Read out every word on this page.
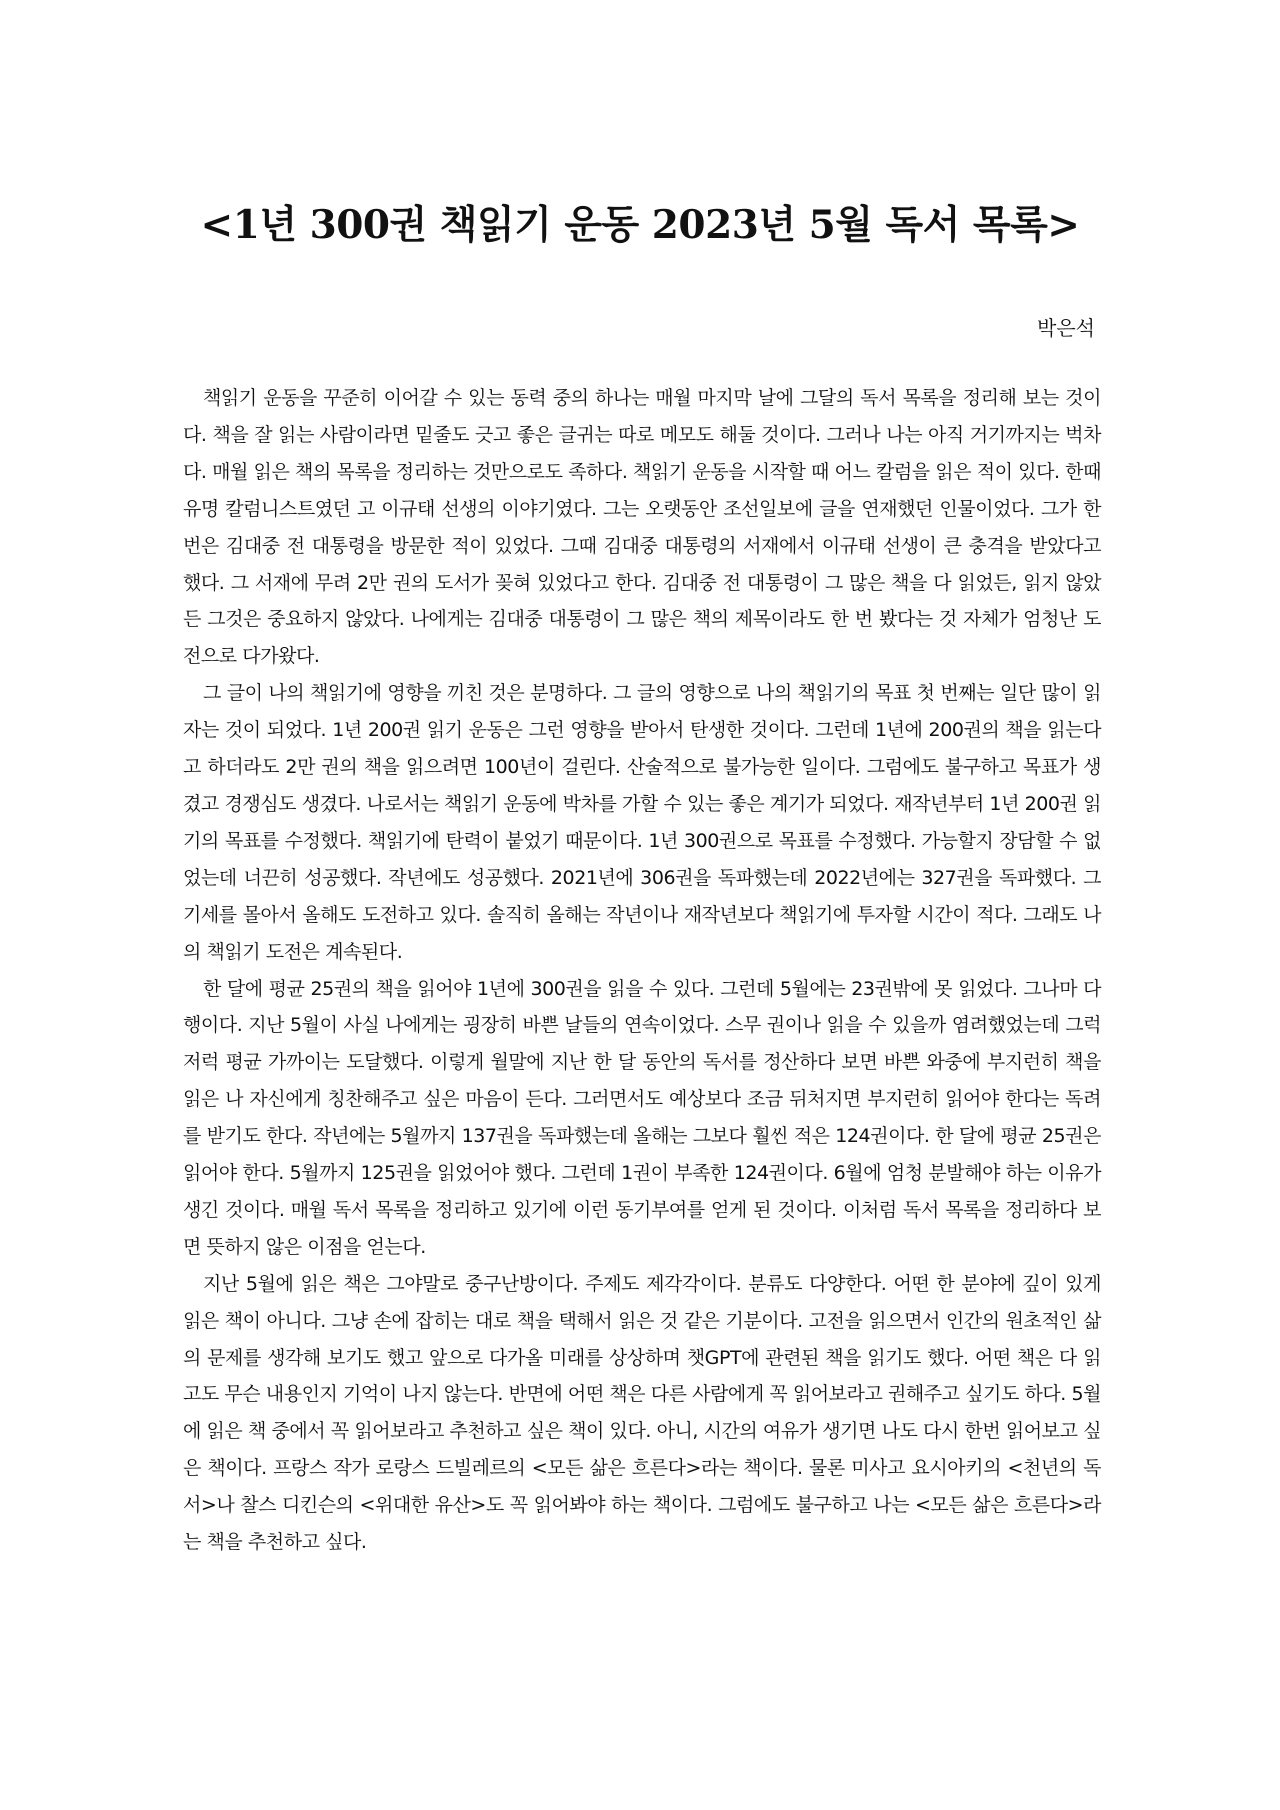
<1년 300권 책읽기 운동 2023년 5월 독서 목록>
박은석

책읽기 운동을 꾸준히 이어갈 수 있는 동력 중의 하나는 매월 마지막 날에 그달의 독서 목록을 정리해 보는 것이다. 책을 잘 읽는 사람이라면 밑줄도 긋고 좋은 글귀는 따로 메모도 해둘 것이다. 그러나 나는 아직 거기까지는 벅차다. 매월 읽은 책의 목록을 정리하는 것만으로도 족하다. 책읽기 운동을 시작할 때 어느 칼럼을 읽은 적이 있다. 한때 유명 칼럼니스트였던 고 이규태 선생의 이야기였다. 그는 오랫동안 조선일보에 글을 연재했던 인물이었다. 그가 한 번은 김대중 전 대통령을 방문한 적이 있었다. 그때 김대중 대통령의 서재에서 이규태 선생이 큰 충격을 받았다고 했다. 그 서재에 무려 2만 권의 도서가 꽂혀 있었다고 한다. 김대중 전 대통령이 그 많은 책을 다 읽었든, 읽지 않았든 그것은 중요하지 않았다. 나에게는 김대중 대통령이 그 많은 책의 제목이라도 한 번 봤다는 것 자체가 엄청난 도전으로 다가왔다.

그 글이 나의 책읽기에 영향을 끼친 것은 분명하다. 그 글의 영향으로 나의 책읽기의 목표 첫 번째는 일단 많이 읽자는 것이 되었다. 1년 200권 읽기 운동은 그런 영향을 받아서 탄생한 것이다. 그런데 1년에 200권의 책을 읽는다고 하더라도 2만 권의 책을 읽으려면 100년이 걸린다. 산술적으로 불가능한 일이다. 그럼에도 불구하고 목표가 생겼고 경쟁심도 생겼다. 나로서는 책읽기 운동에 박차를 가할 수 있는 좋은 계기가 되었다. 재작년부터 1년 200권 읽기의 목표를 수정했다. 책읽기에 탄력이 붙었기 때문이다. 1년 300권으로 목표를 수정했다. 가능할지 장담할 수 없었는데 너끈히 성공했다. 작년에도 성공했다. 2021년에 306권을 독파했는데 2022년에는 327권을 독파했다. 그 기세를 몰아서 올해도 도전하고 있다. 솔직히 올해는 작년이나 재작년보다 책읽기에 투자할 시간이 적다. 그래도 나의 책읽기 도전은 계속된다.

한 달에 평균 25권의 책을 읽어야 1년에 300권을 읽을 수 있다. 그런데 5월에는 23권밖에 못 읽었다. 그나마 다행이다. 지난 5월이 사실 나에게는 굉장히 바쁜 날들의 연속이었다. 스무 권이나 읽을 수 있을까 염려했었는데 그럭저럭 평균 가까이는 도달했다. 이렇게 월말에 지난 한 달 동안의 독서를 정산하다 보면 바쁜 와중에 부지런히 책을 읽은 나 자신에게 칭찬해주고 싶은 마음이 든다. 그러면서도 예상보다 조금 뒤처지면 부지런히 읽어야 한다는 독려를 받기도 한다. 작년에는 5월까지 137권을 독파했는데 올해는 그보다 훨씬 적은 124권이다. 한 달에 평균 25권은 읽어야 한다. 5월까지 125권을 읽었어야 했다. 그런데 1권이 부족한 124권이다. 6월에 엄청 분발해야 하는 이유가 생긴 것이다. 매월 독서 목록을 정리하고 있기에 이런 동기부여를 얻게 된 것이다. 이처럼 독서 목록을 정리하다 보면 뜻하지 않은 이점을 얻는다.

지난 5월에 읽은 책은 그야말로 중구난방이다. 주제도 제각각이다. 분류도 다양한다. 어떤 한 분야에 깊이 있게 읽은 책이 아니다. 그냥 손에 잡히는 대로 책을 택해서 읽은 것 같은 기분이다. 고전을 읽으면서 인간의 원초적인 삶의 문제를 생각해 보기도 했고 앞으로 다가올 미래를 상상하며 챗GPT에 관련된 책을 읽기도 했다. 어떤 책은 다 읽고도 무슨 내용인지 기억이 나지 않는다. 반면에 어떤 책은 다른 사람에게 꼭 읽어보라고 권해주고 싶기도 하다. 5월에 읽은 책 중에서 꼭 읽어보라고 추천하고 싶은 책이 있다. 아니, 시간의 여유가 생기면 나도 다시 한번 읽어보고 싶은 책이다. 프랑스 작가 로랑스 드빌레르의 <모든 삶은 흐른다>라는 책이다. 물론 미사고 요시아키의 <천년의 독서>나 찰스 디킨슨의 <위대한 유산>도 꼭 읽어봐야 하는 책이다. 그럼에도 불구하고 나는 <모든 삶은 흐른다>라는 책을 추천하고 싶다.
